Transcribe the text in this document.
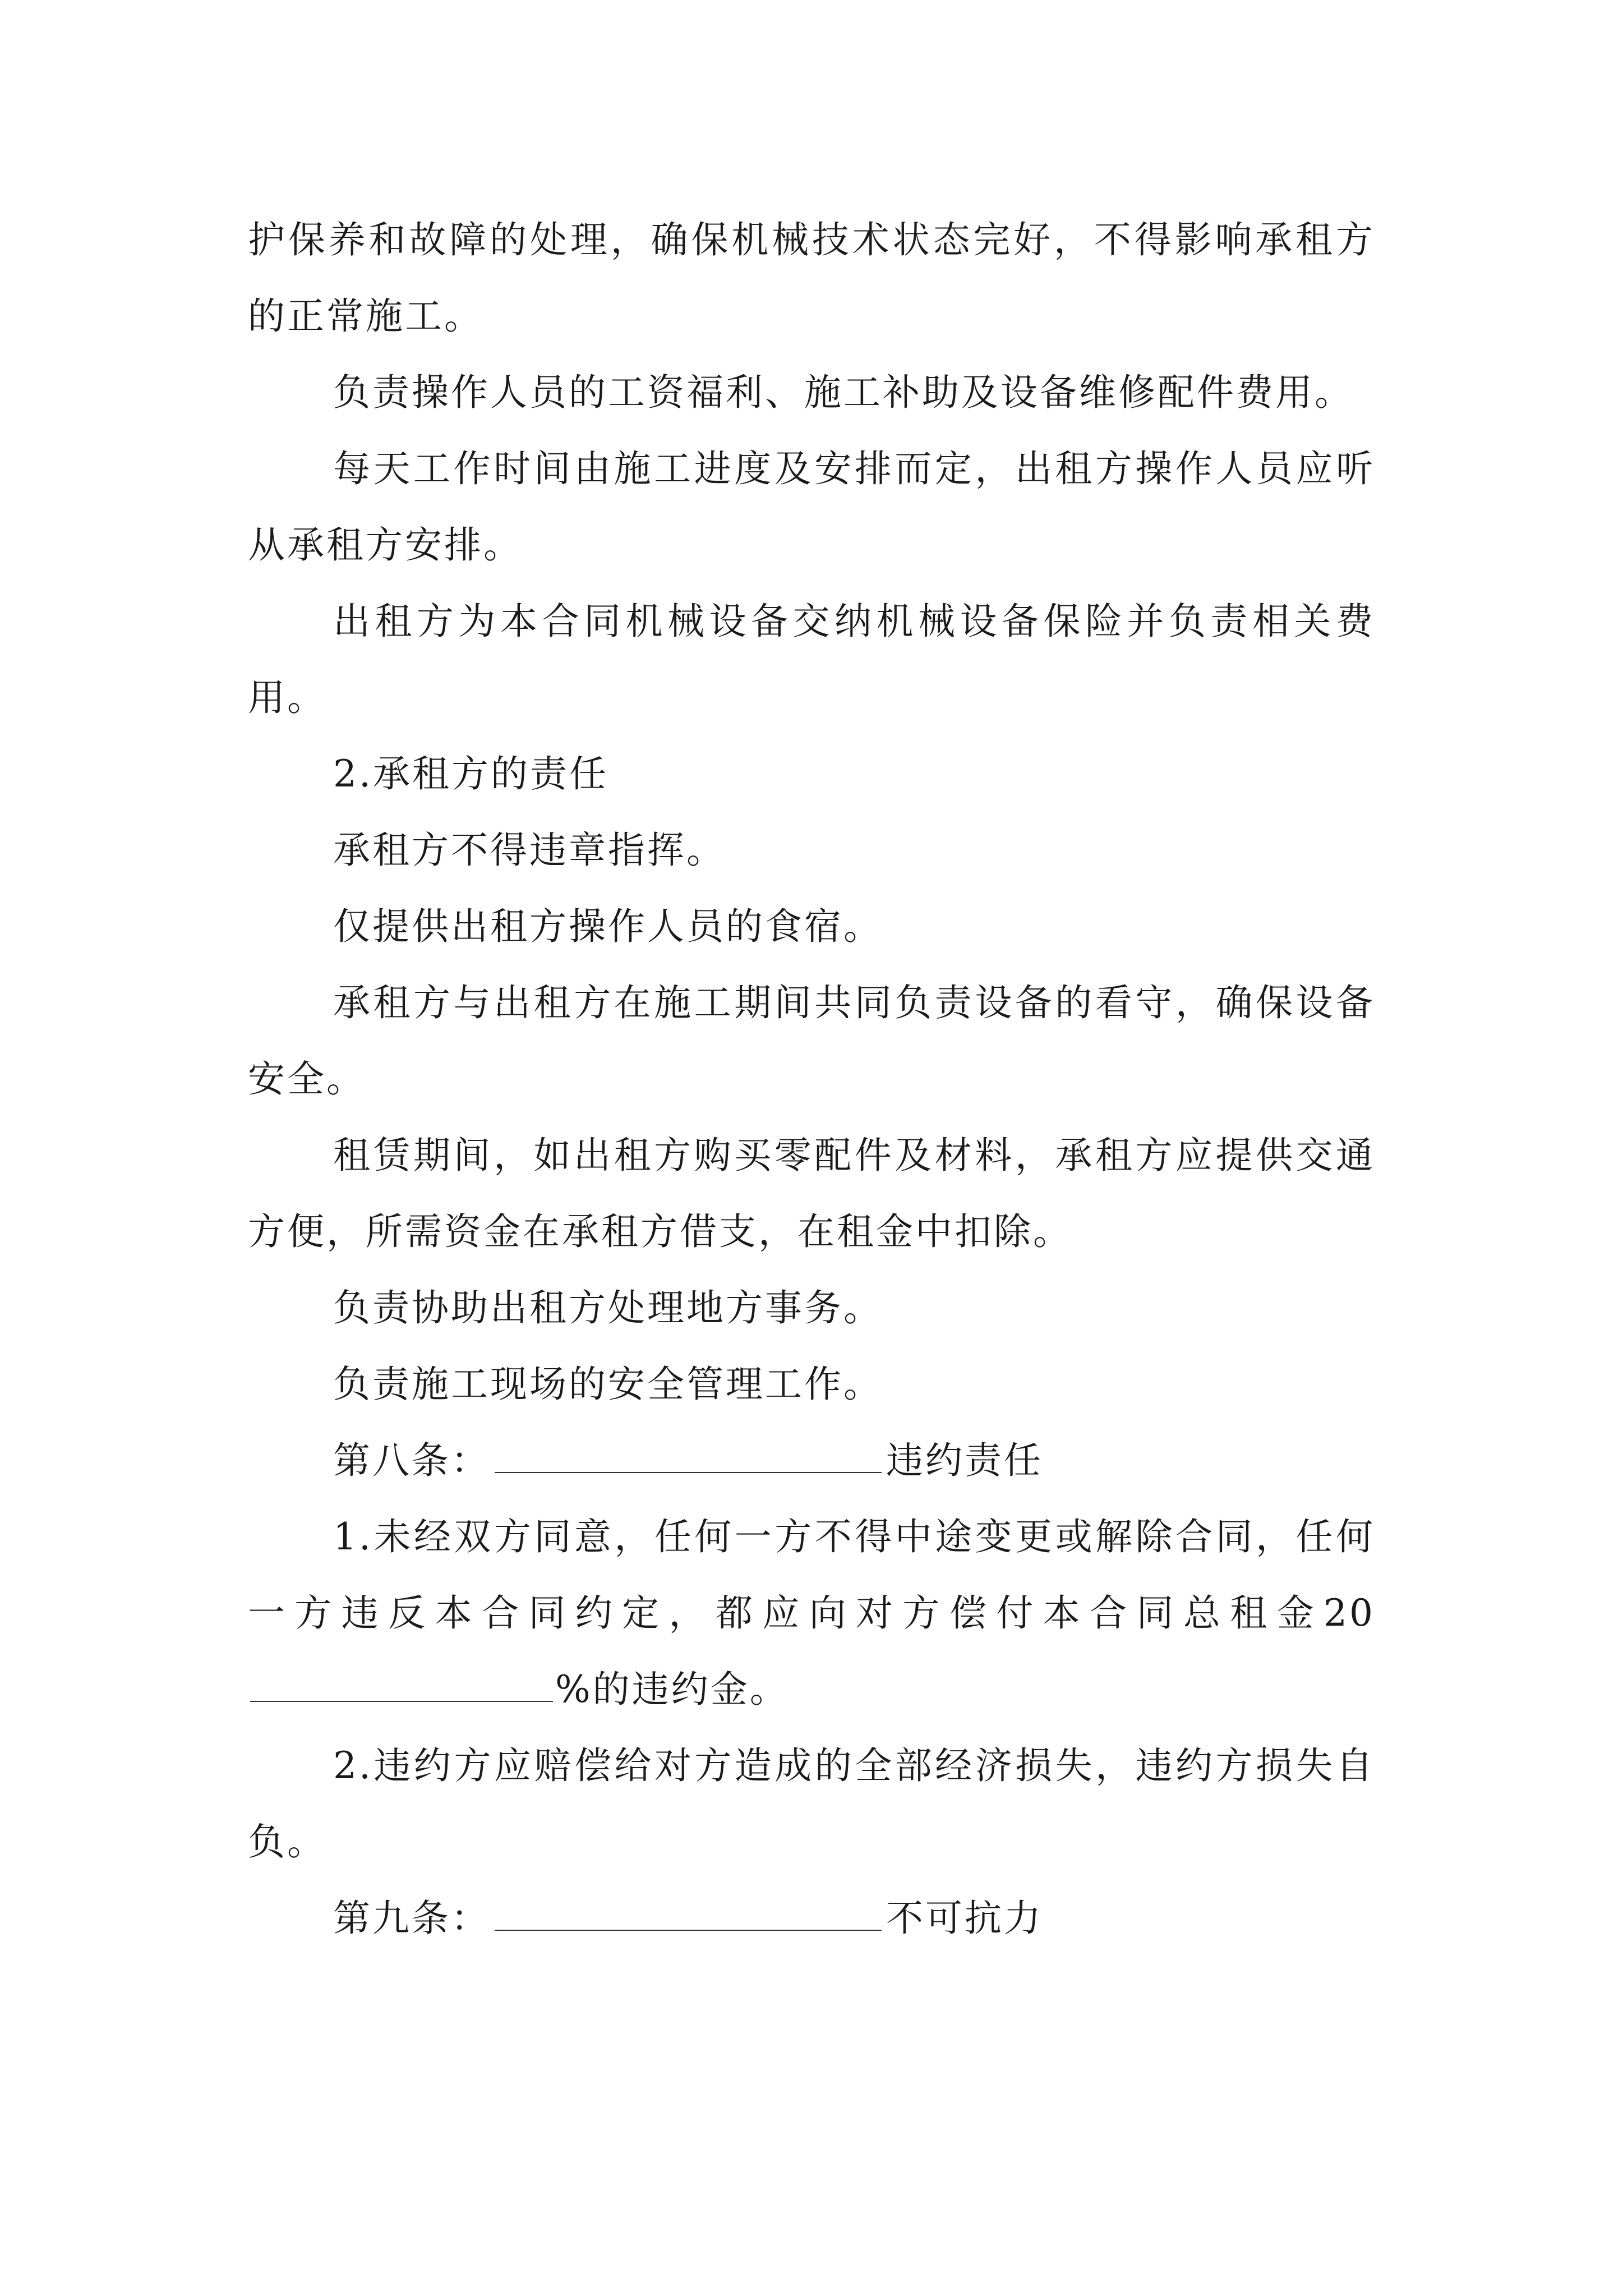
护保养和故障的处理，确保机械技术状态完好，不得影响承租方的正常施工。

负责操作人员的工资福利、施工补助及设备维修配件费用。

每天工作时间由施工进度及安排而定，出租方操作人员应听从承租方安排。

出租方为本合同机械设备交纳机械设备保险并负责相关费用。

2.承租方的责任

承租方不得违章指挥。

仅提供出租方操作人员的食宿。

承租方与出租方在施工期间共同负责设备的看守，确保设备安全。

租赁期间，如出租方购买零配件及材料，承租方应提供交通方便，所需资金在承租方借支，在租金中扣除。

负责协助出租方处理地方事务。

负责施工现场的安全管理工作。

第八条：	违约责任

1.未经双方同意，任何一方不得中途变更或解除合同，任何一方违反本合同约定，都应向对方偿付本合同总租金20%的违约金。

2.违约方应赔偿给对方造成的全部经济损失，违约方损失自负。

第九条：	不可抗力
